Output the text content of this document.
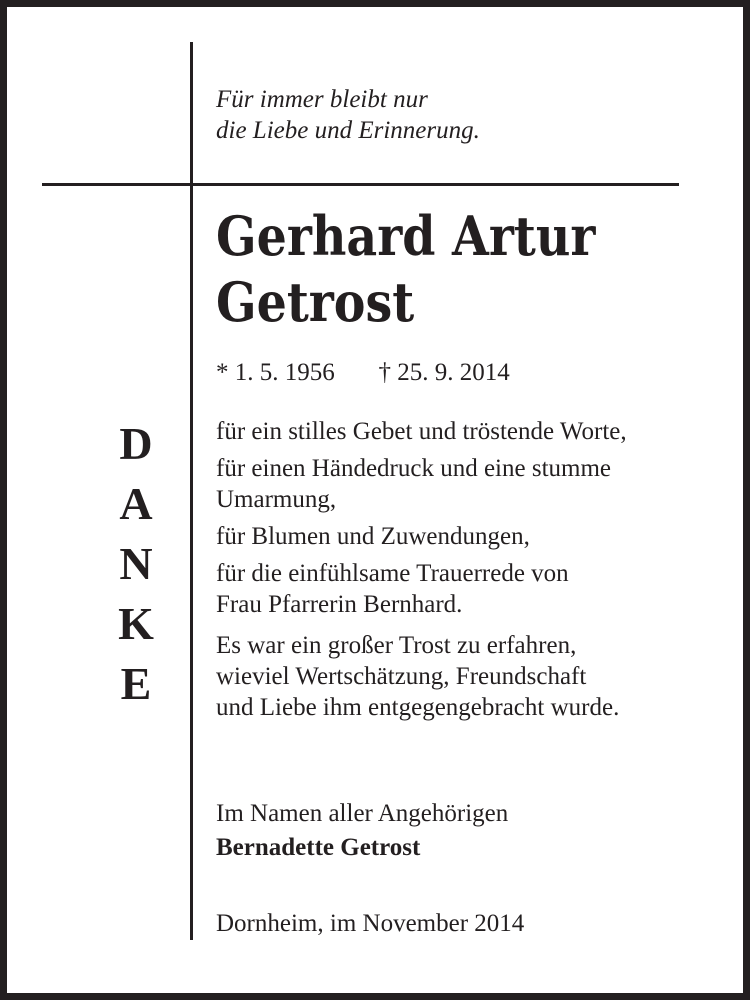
Für immer bleibt nur
die Liebe und Erinnerung.
Gerhard Artur
Getrost
* 1. 5. 1956 † 25. 9. 2014
D
A
N
K
E

für ein stilles Gebet und tröstende Worte,

für einen Händedruck und eine stumme
Umarmung,

für Blumen und Zuwendungen,

für die einfühlsame Trauerrede von
Frau Pfarrerin Bernhard.

Es war ein großer Trost zu erfahren,
wieviel Wertschätzung, Freundschaft
und Liebe ihm entgegengebracht wurde.

Im Namen aller Angehörigen
Bernadette Getrost
Dornheim, im November 2014
